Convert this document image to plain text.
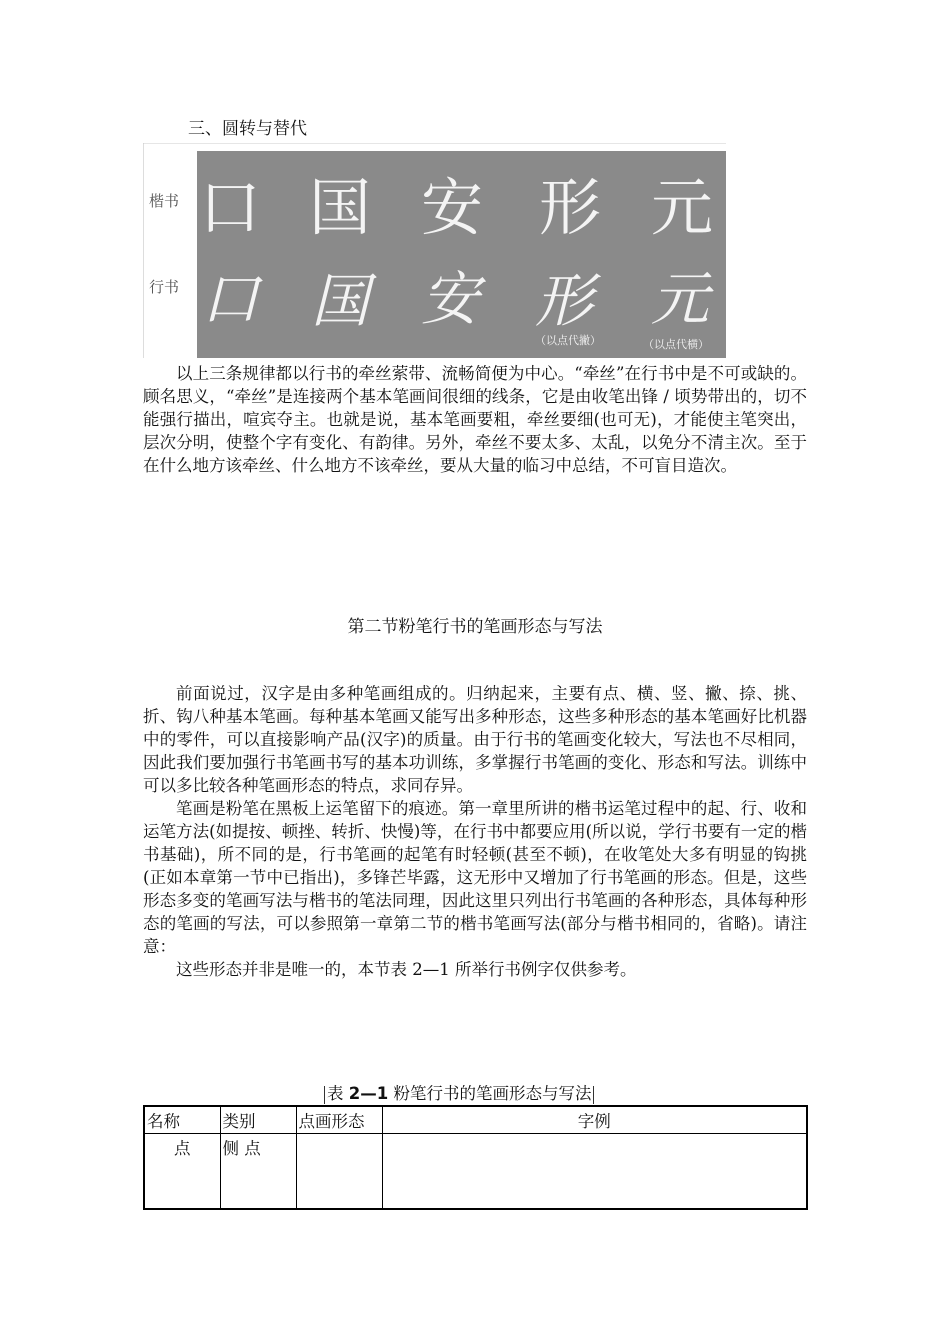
三、圆转与替代
楷书
行书
口 国 安 形 元
口 国 安 形 元
（以点代撇）	（以点代横）

以上三条规律都以行书的牵丝萦带、流畅简便为中心。“牵丝”在行书中是不可或缺的。顾名思义，“牵丝”是连接两个基本笔画间很细的线条，它是由收笔出锋 / 顷势带出的，切不能强行描出，喧宾夺主。也就是说，基本笔画要粗，牵丝要细(也可无)，才能使主笔突出，层次分明，使整个字有变化、有韵律。另外，牵丝不要太多、太乱，以免分不清主次。至于在什么地方该牵丝、什么地方不该牵丝，要从大量的临习中总结，不可盲目造次。

第二节粉笔行书的笔画形态与写法

前面说过，汉字是由多种笔画组成的。归纳起来，主要有点、横、竖、撇、捺、挑、折、钩八种基本笔画。每种基本笔画又能写出多种形态，这些多种形态的基本笔画好比机器中的零件，可以直接影响产品(汉字)的质量。由于行书的笔画变化较大，写法也不尽相同，因此我们要加强行书笔画书写的基本功训练，多掌握行书笔画的变化、形态和写法。训练中可以多比较各种笔画形态的特点，求同存异。

笔画是粉笔在黑板上运笔留下的痕迹。第一章里所讲的楷书运笔过程中的起、行、收和运笔方法(如提按、顿挫、转折、快慢)等，在行书中都要应用(所以说，学行书要有一定的楷书基础)，所不同的是，行书笔画的起笔有时轻顿(甚至不顿)，在收笔处大多有明显的钩挑(正如本章第一节中已指出)，多锋芒毕露，这无形中又增加了行书笔画的形态。但是，这些形态多变的笔画写法与楷书的笔法同理，因此这里只列出行书笔画的各种形态，具体每种形态的笔画的写法，可以参照第一章第二节的楷书笔画写法(部分与楷书相同的，省略)。请注意：

这些形态并非是唯一的，本节表 2—1 所举行书例字仅供参考。

表 2—1 粉笔行书的笔画形态与写法
名称	类别	点画形态	字例
点	侧 点		
